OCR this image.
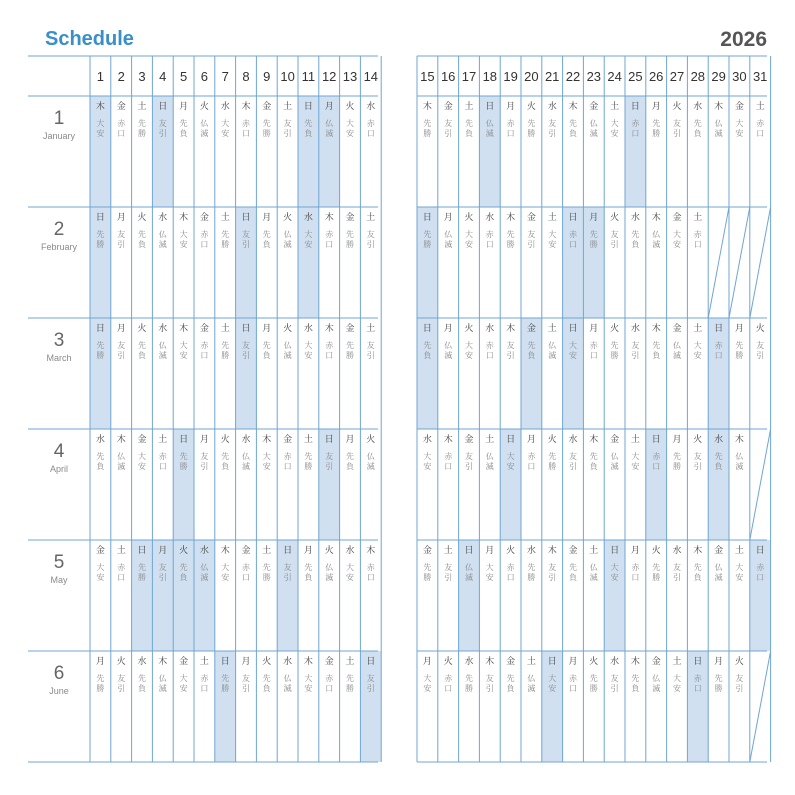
Schedule	2026
1 2 3 4 5 6 7 8 9 10 11 12 13 14	15 16 17 18 19 20 21 22 23 24 25 26 27 28 29 30 31
1
January
木
大
安
金
赤
口
土
先
勝
日
友
引
月
先
負
火
仏
滅
水
大
安
木
赤
口
金
先
勝
土
友
引
日
先
負
月
仏
滅
火
大
安
水
赤
口
木
先
勝
金
友
引
土
先
負
日
仏
滅
月
赤
口
火
先
勝
水
友
引
木
先
負
金
仏
滅
土
大
安
日
赤
口
月
先
勝
火
友
引
水
先
負
木
仏
滅
金
大
安
土
赤
口
2
February
日
先
勝
月
友
引
火
先
負
水
仏
滅
木
大
安
金
赤
口
土
先
勝
日
友
引
月
先
負
火
仏
滅
水
大
安
木
赤
口
金
先
勝
土
友
引
日
先
勝
月
仏
滅
火
大
安
水
赤
口
木
先
勝
金
友
引
土
大
安
日
赤
口
月
先
勝
火
友
引
水
先
負
木
仏
滅
金
大
安
土
赤
口
3
March
日
先
勝
月
友
引
火
先
負
水
仏
滅
木
大
安
金
赤
口
土
先
勝
日
友
引
月
先
負
火
仏
滅
水
大
安
木
赤
口
金
先
勝
土
友
引
日
先
負
月
仏
滅
火
大
安
水
赤
口
木
友
引
金
先
負
土
仏
滅
日
大
安
月
赤
口
火
先
勝
水
友
引
木
先
負
金
仏
滅
土
大
安
日
赤
口
月
先
勝
火
友
引
4
April
水
先
負
木
仏
滅
金
大
安
土
赤
口
日
先
勝
月
友
引
火
先
負
水
仏
滅
木
大
安
金
赤
口
土
先
勝
日
友
引
月
先
負
火
仏
滅
水
大
安
木
赤
口
金
友
引
土
仏
滅
日
大
安
月
赤
口
火
先
勝
水
友
引
木
先
負
金
仏
滅
土
大
安
日
赤
口
月
先
勝
火
友
引
水
先
負
木
仏
滅
5
May
金
大
安
土
赤
口
日
先
勝
月
友
引
火
先
負
水
仏
滅
木
大
安
金
赤
口
土
先
勝
日
友
引
月
先
負
火
仏
滅
水
大
安
木
赤
口
金
先
勝
土
友
引
日
仏
滅
月
大
安
火
赤
口
水
先
勝
木
友
引
金
先
負
土
仏
滅
日
大
安
月
赤
口
火
先
勝
水
友
引
木
先
負
金
仏
滅
土
大
安
日
赤
口
6
June
月
先
勝
火
友
引
水
先
負
木
仏
滅
金
大
安
土
赤
口
日
先
勝
月
友
引
火
先
負
水
仏
滅
木
大
安
金
赤
口
土
先
勝
日
友
引
月
大
安
火
赤
口
水
先
勝
木
友
引
金
先
負
土
仏
滅
日
大
安
月
赤
口
火
先
勝
水
友
引
木
先
負
金
仏
滅
土
大
安
日
赤
口
月
先
勝
火
友
引
